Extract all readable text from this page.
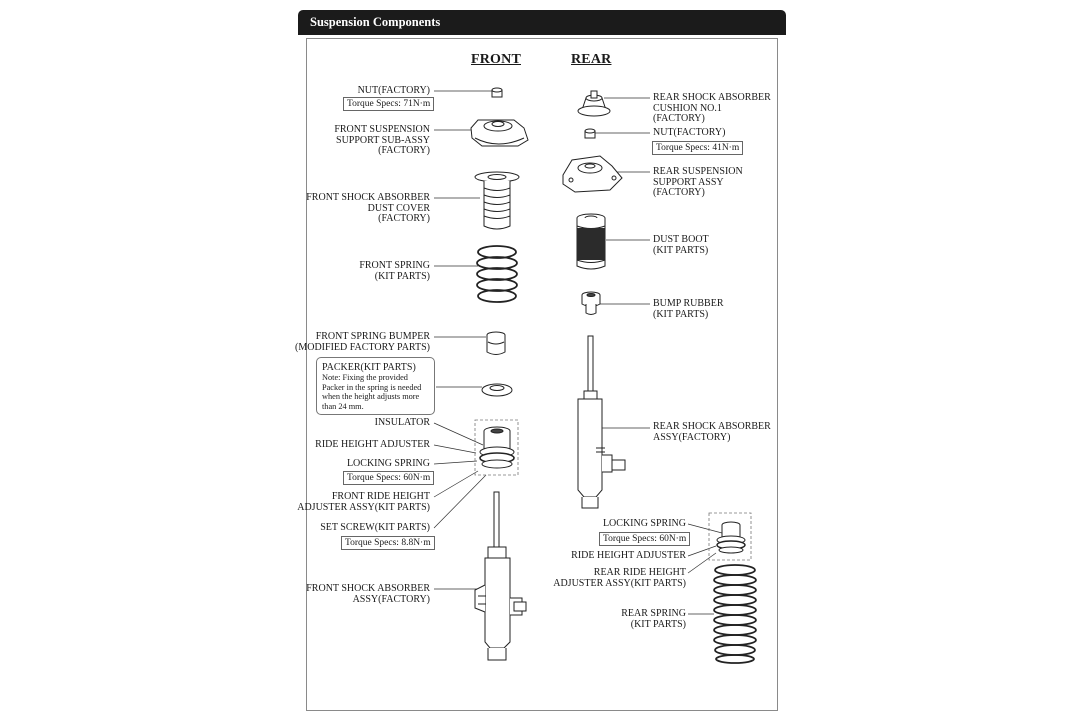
Suspension Components
FRONT	REAR
NUT(FACTORY)
Torque Specs: 71N·m
FRONT SUSPENSION
SUPPORT SUB-ASSY
(FACTORY)
FRONT SHOCK ABSORBER
DUST COVER
(FACTORY)
FRONT SPRING
(KIT PARTS)
FRONT SPRING BUMPER
(MODIFIED FACTORY PARTS)
PACKER(KIT PARTS)
Note: Fixing the provided
Packer in the spring is needed
when the height adjusts more
than 24 mm.
INSULATOR
RIDE HEIGHT ADJUSTER
LOCKING SPRING
Torque Specs: 60N·m
FRONT RIDE HEIGHT
ADJUSTER ASSY(KIT PARTS)
SET SCREW(KIT PARTS)
Torque Specs: 8.8N·m
FRONT SHOCK ABSORBER
ASSY(FACTORY)
REAR SHOCK ABSORBER
CUSHION NO.1
(FACTORY)
NUT(FACTORY)
Torque Specs: 41N·m
REAR SUSPENSION
SUPPORT ASSY
(FACTORY)
DUST BOOT
(KIT PARTS)
BUMP RUBBER
(KIT PARTS)
REAR SHOCK ABSORBER
ASSY(FACTORY)
LOCKING SPRING
Torque Specs: 60N·m
RIDE HEIGHT ADJUSTER
REAR RIDE HEIGHT
ADJUSTER ASSY(KIT PARTS)
REAR SPRING
(KIT PARTS)
